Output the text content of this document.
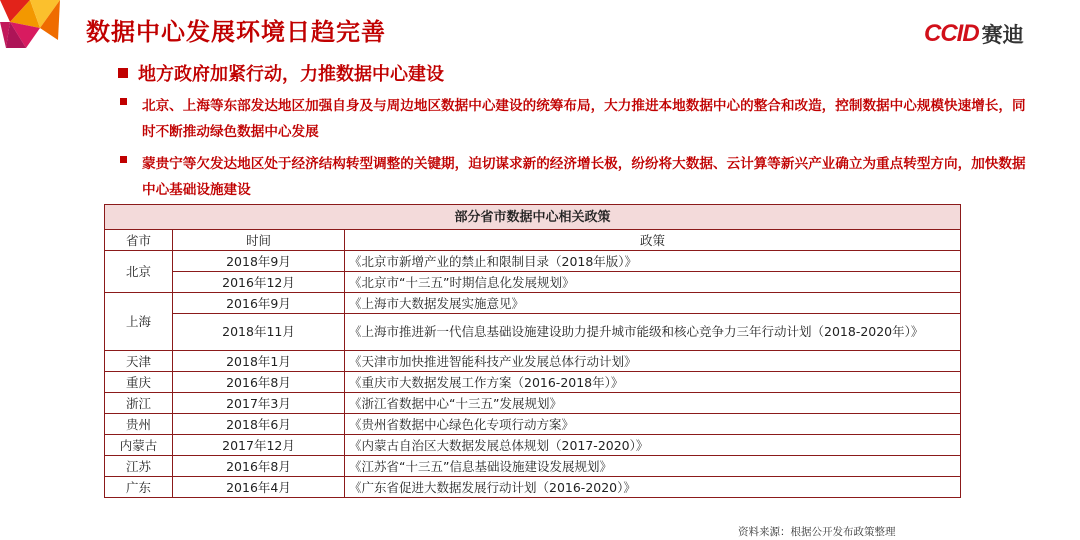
数据中心发展环境日趋完善	CCID 赛迪
地方政府加紧行动，力推数据中心建设
北京、上海等东部发达地区加强自身及与周边地区数据中心建设的统筹布局，大力推进本地数据中心的整合和改造，控制数据中心规模快速增长，同时不断推动绿色数据中心发展
蒙贵宁等欠发达地区处于经济结构转型调整的关键期，迫切谋求新的经济增长极，纷纷将大数据、云计算等新兴产业确立为重点转型方向，加快数据中心基础设施建设
部分省市数据中心相关政策		
省市	时间	政策
北京	2018年9月	《北京市新增产业的禁止和限制目录（2018年版）》
	2016年12月	《北京市“十三五”时期信息化发展规划》
上海	2016年9月	《上海市大数据发展实施意见》
	2018年11月	《上海市推进新一代信息基础设施建设助力提升城市能级和核心竞争力三年行动计划（2018-2020年）》
天津	2018年1月	《天津市加快推进智能科技产业发展总体行动计划》
重庆	2016年8月	《重庆市大数据发展工作方案（2016-2018年）》
浙江	2017年3月	《浙江省数据中心“十三五”发展规划》
贵州	2018年6月	《贵州省数据中心绿色化专项行动方案》
内蒙古	2017年12月	《内蒙古自治区大数据发展总体规划（2017-2020）》
江苏	2016年8月	《江苏省“十三五”信息基础设施建设发展规划》
广东	2016年4月	《广东省促进大数据发展行动计划（2016-2020）》
资料来源：根据公开发布政策整理
